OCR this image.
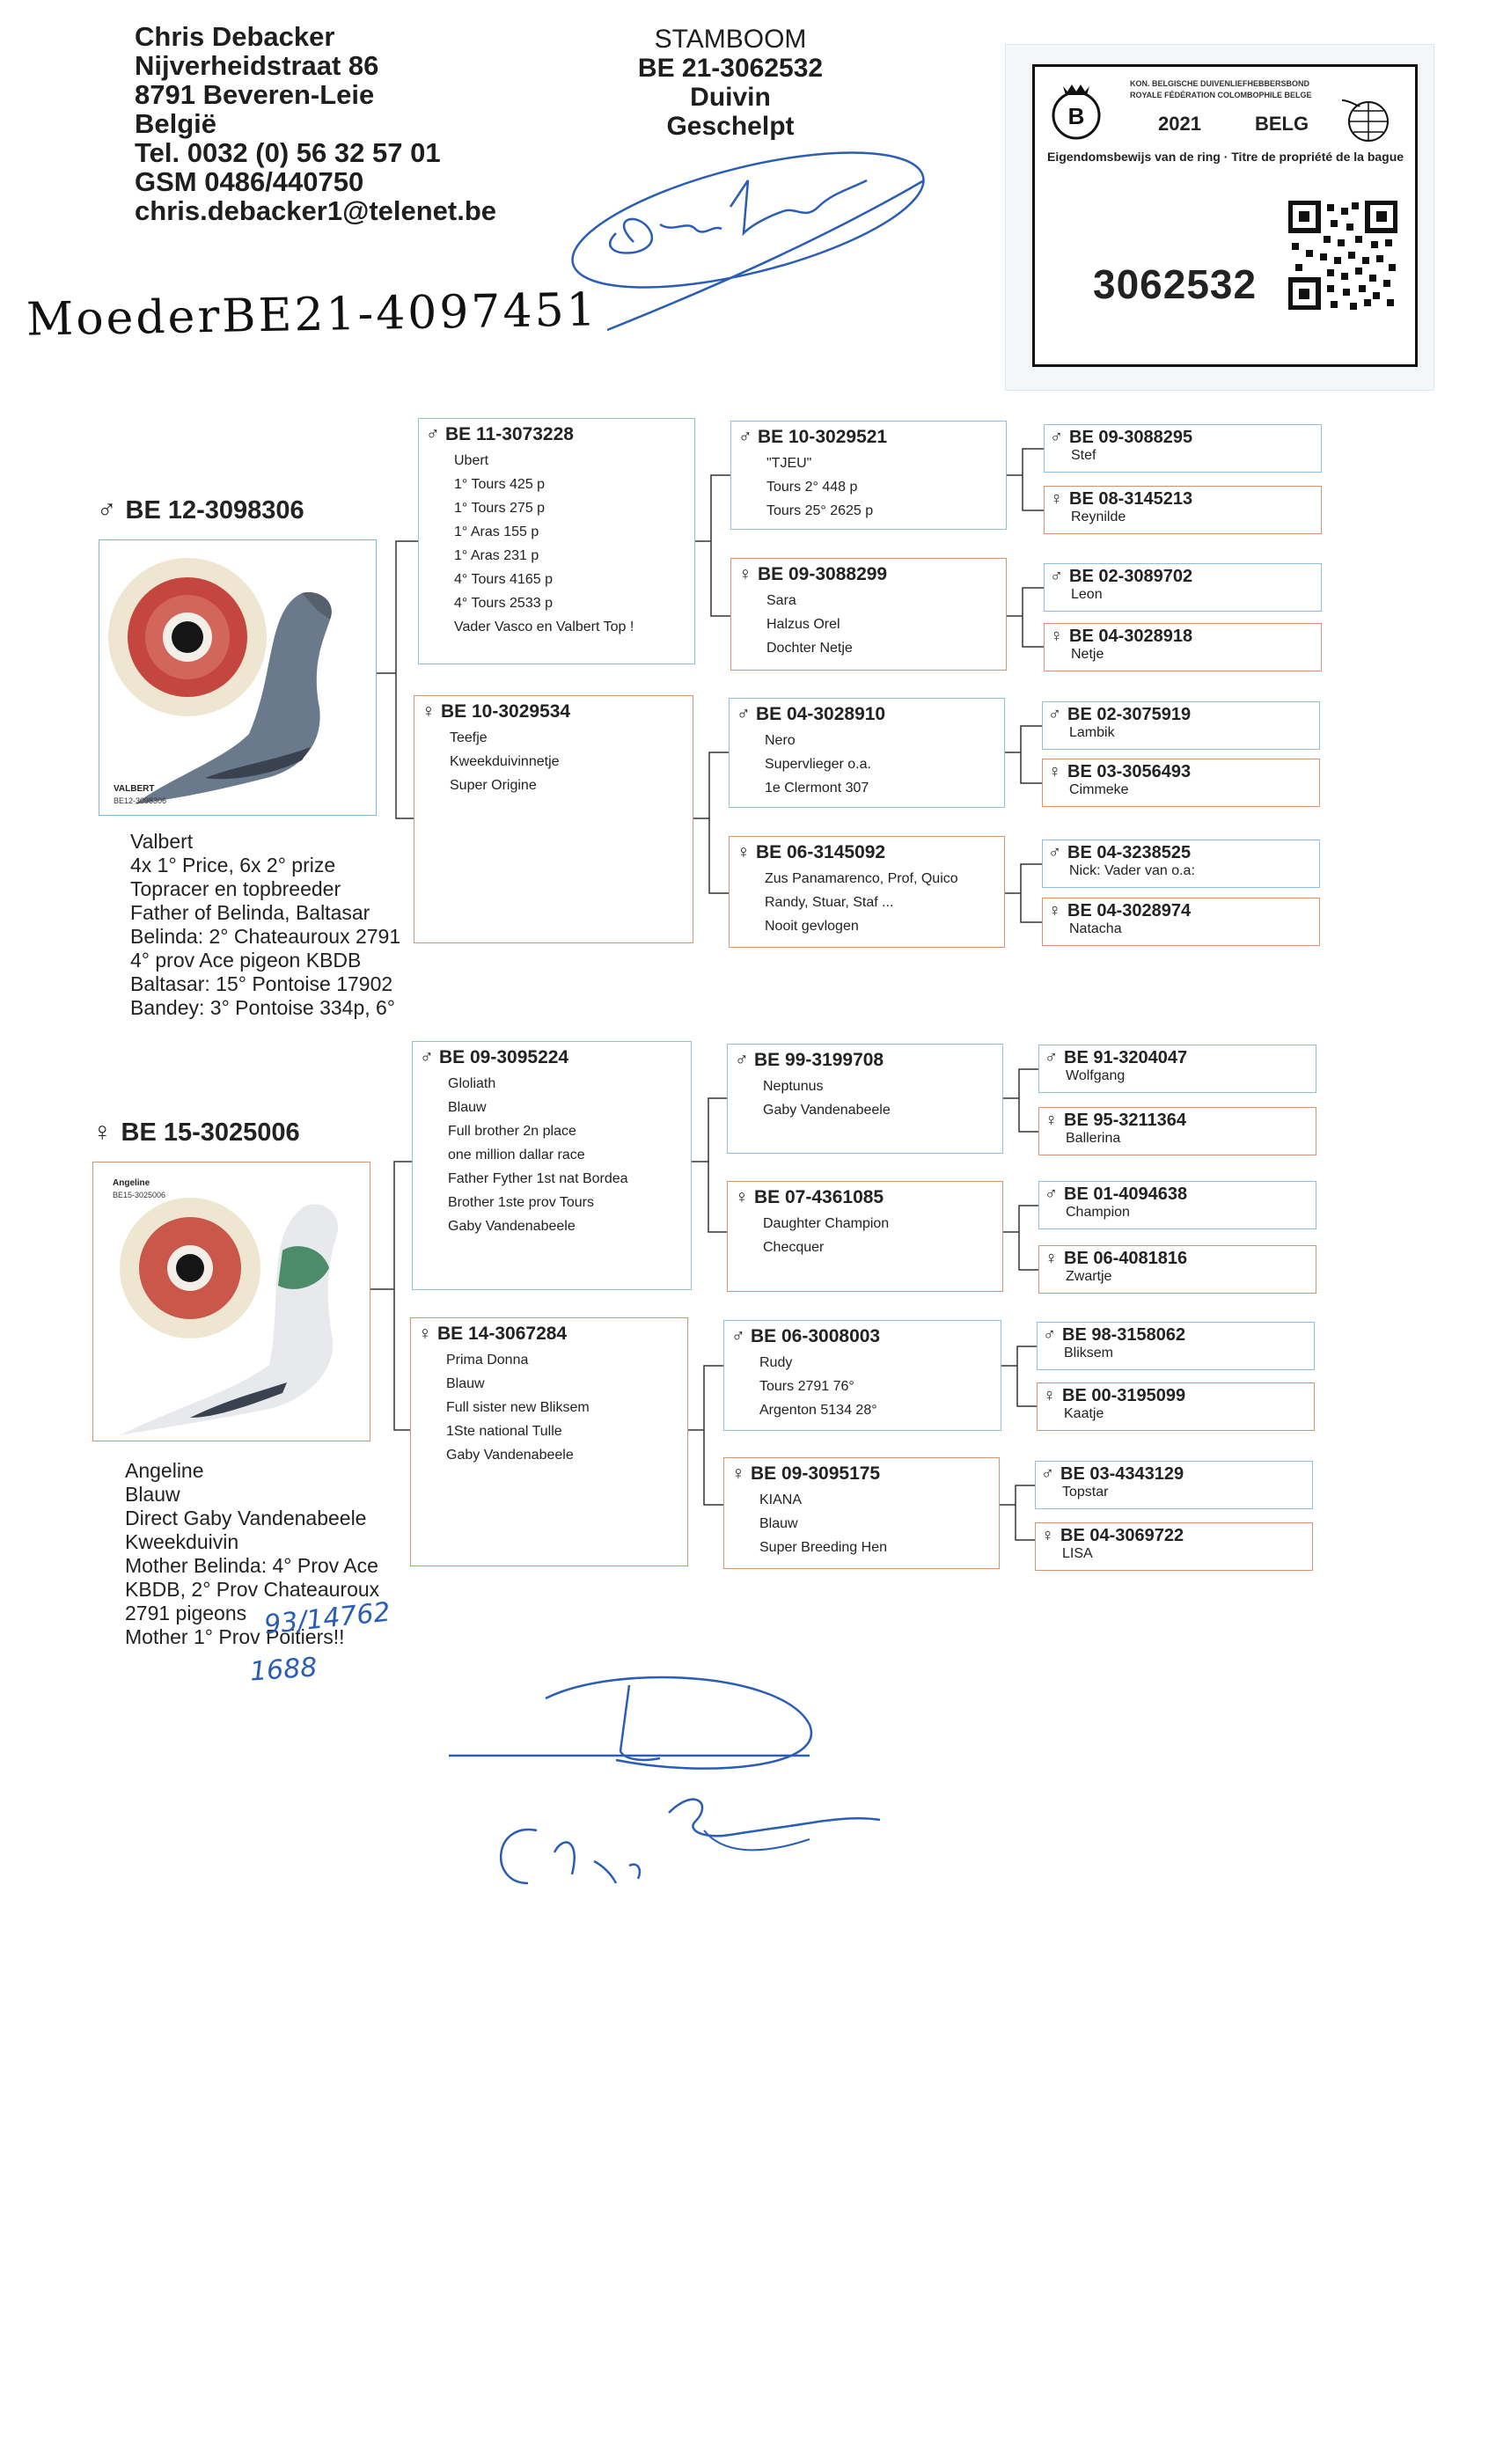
Chris Debacker
Nijverheidstraat 86
8791 Beveren-Leie
België
Tel. 0032 (0) 56 32 57 01
GSM 0486/440750
chris.debacker1@telenet.be
STAMBOOM
BE 21-3062532
Duivin
Geschelpt
MoederBE21-4097451
B
KON. BELGISCHE DUIVENLIEFHEBBERSBOND
ROYALE FÉDÉRATION COLOMBOPHILE BELGE
2021	BELG
Eigendomsbewijs van de ring · Titre de propriété de la bague
3062532
♂ BE 12-3098306
VALBERT
BE12-3098306
Valbert
4x 1° Price, 6x 2° prize
Topracer en topbreeder
Father of Belinda, Baltasar
Belinda: 2° Chateauroux 2791
4° prov Ace pigeon KBDB
Baltasar: 15° Pontoise 17902
Bandey: 3° Pontoise 334p, 6°
♀ BE 15-3025006
Angeline
BE15-3025006
Angeline
Blauw
Direct Gaby Vandenabeele
Kweekduivin
Mother Belinda: 4° Prov Ace
KBDB, 2° Prov Chateauroux
2791 pigeons
Mother 1° Prov Poitiers!!
93/14762
1688
♂ BE 11-3073228
Ubert
1° Tours 425 p
1° Tours 275 p
1° Aras 155 p
1° Aras 231 p
4° Tours 4165 p
4° Tours 2533 p
Vader Vasco en Valbert Top !
♀ BE 10-3029534
Teefje
Kweekduivinnetje
Super Origine
♂ BE 09-3095224
Gloliath
Blauw
Full brother 2n place
one million dallar race
Father Fyther 1st nat Bordea
Brother 1ste prov Tours
Gaby Vandenabeele
♀ BE 14-3067284
Prima Donna
Blauw
Full sister new Bliksem
1Ste national Tulle
Gaby Vandenabeele
♂ BE 10-3029521
"TJEU"
Tours 2° 448 p
Tours 25° 2625 p
♀ BE 09-3088299
Sara
Halzus Orel
Dochter Netje
♂ BE 04-3028910
Nero
Supervlieger o.a.
1e Clermont 307
♀ BE 06-3145092
Zus Panamarenco, Prof, Quico
Randy, Stuar, Staf ...
Nooit gevlogen
♂ BE 99-3199708
Neptunus
Gaby Vandenabeele
♀ BE 07-4361085
Daughter Champion
Checquer
♂ BE 06-3008003
Rudy
Tours 2791 76°
Argenton 5134 28°
♀ BE 09-3095175
KIANA
Blauw
Super Breeding Hen
♂ BE 09-3088295
Stef
♀ BE 08-3145213
Reynilde
♂ BE 02-3089702
Leon
♀ BE 04-3028918
Netje
♂ BE 02-3075919
Lambik
♀ BE 03-3056493
Cimmeke
♂ BE 04-3238525
Nick: Vader van o.a:
♀ BE 04-3028974
Natacha
♂ BE 91-3204047
Wolfgang
♀ BE 95-3211364
Ballerina
♂ BE 01-4094638
Champion
♀ BE 06-4081816
Zwartje
♂ BE 98-3158062
Bliksem
♀ BE 00-3195099
Kaatje
♂ BE 03-4343129
Topstar
♀ BE 04-3069722
LISA
